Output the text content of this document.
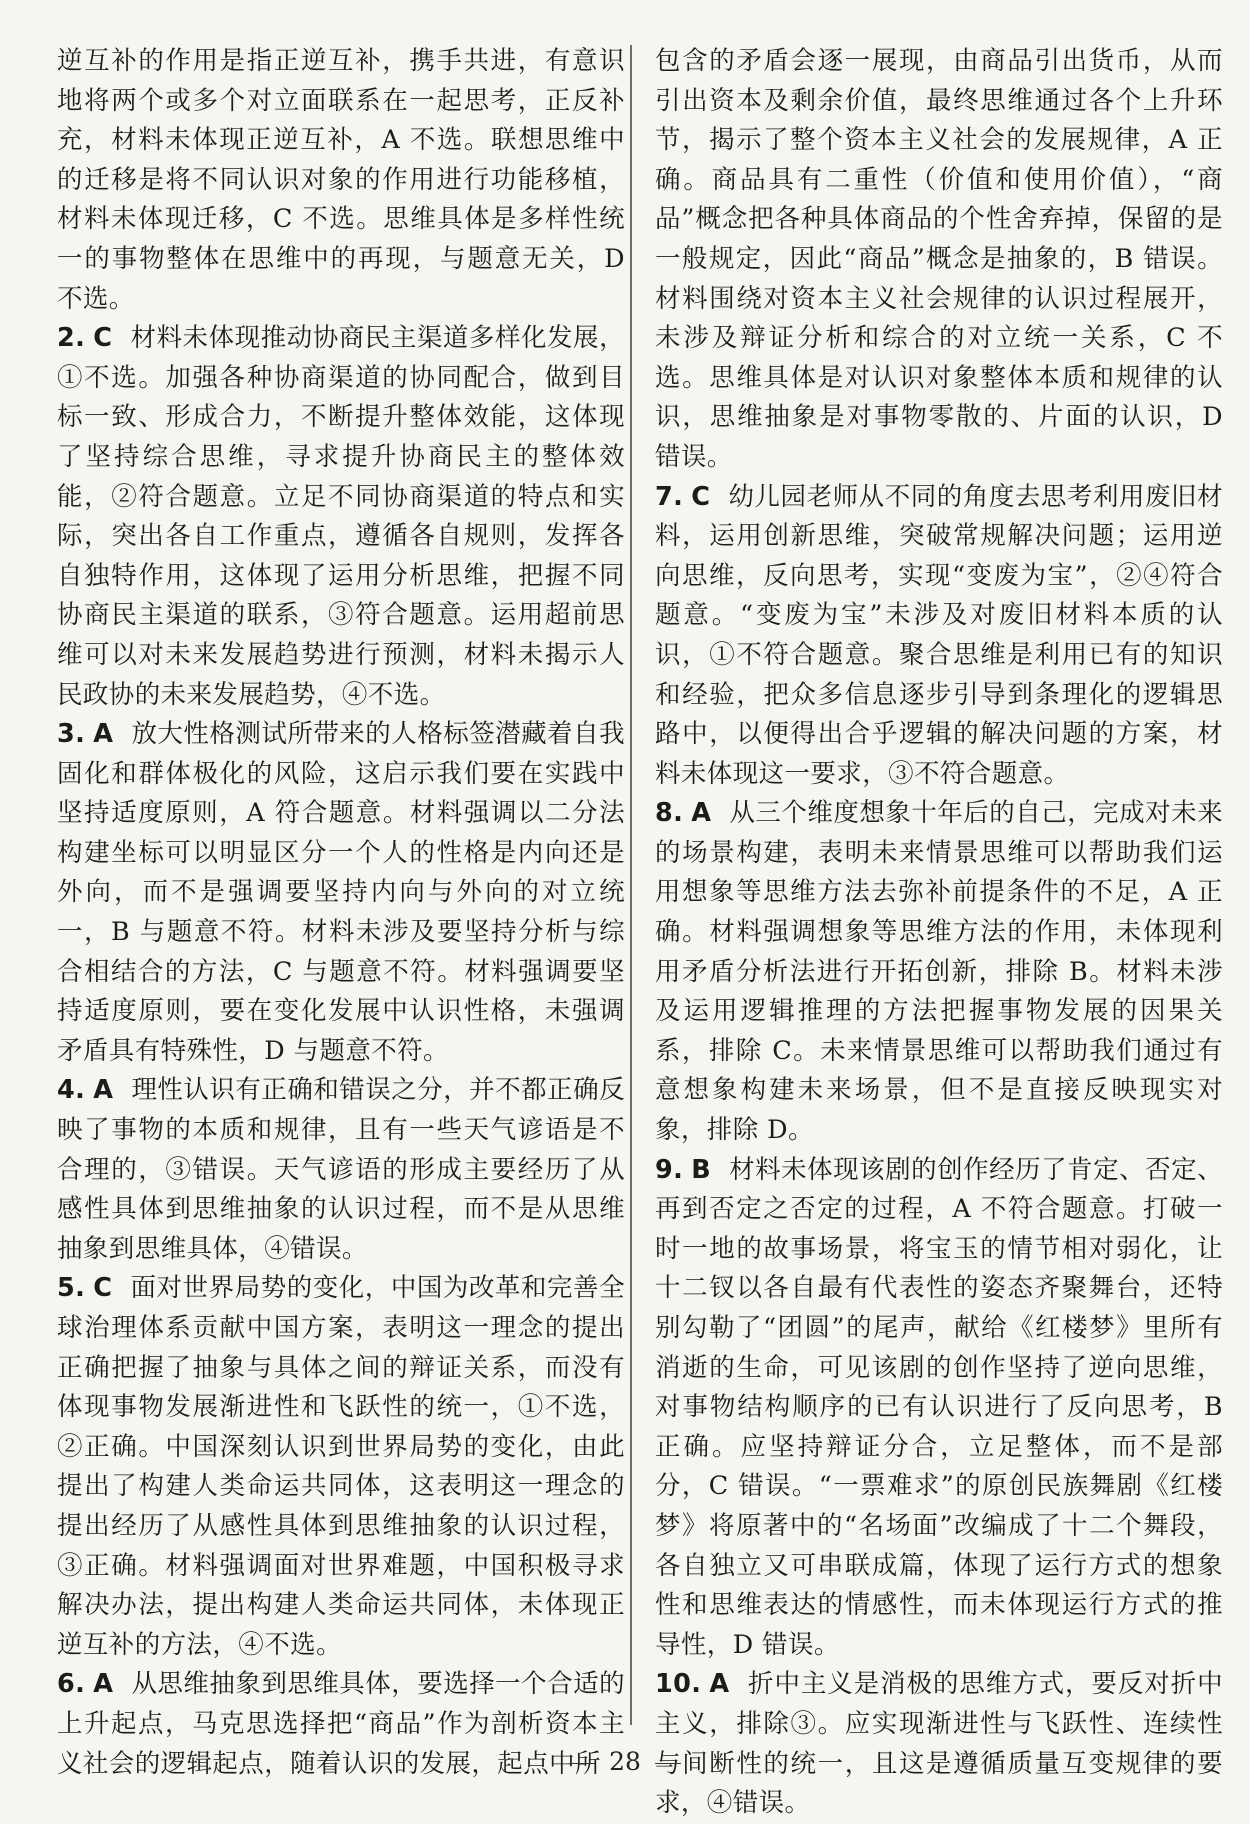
逆互补的作用是指正逆互补，携手共进，有意识地将两个或多个对立面联系在一起思考，正反补充，材料未体现正逆互补，A 不选。联想思维中的迁移是将不同认识对象的作用进行功能移植，材料未体现迁移，C 不选。思维具体是多样性统一的事物整体在思维中的再现，与题意无关，D 不选。

2. C 材料未体现推动协商民主渠道多样化发展，①不选。加强各种协商渠道的协同配合，做到目标一致、形成合力，不断提升整体效能，这体现了坚持综合思维，寻求提升协商民主的整体效能，②符合题意。立足不同协商渠道的特点和实际，突出各自工作重点，遵循各自规则，发挥各自独特作用，这体现了运用分析思维，把握不同协商民主渠道的联系，③符合题意。运用超前思维可以对未来发展趋势进行预测，材料未揭示人民政协的未来发展趋势，④不选。

3. A 放大性格测试所带来的人格标签潜藏着自我固化和群体极化的风险，这启示我们要在实践中坚持适度原则，A 符合题意。材料强调以二分法构建坐标可以明显区分一个人的性格是内向还是外向，而不是强调要坚持内向与外向的对立统一，B 与题意不符。材料未涉及要坚持分析与综合相结合的方法，C 与题意不符。材料强调要坚持适度原则，要在变化发展中认识性格，未强调矛盾具有特殊性，D 与题意不符。

4. A 理性认识有正确和错误之分，并不都正确反映了事物的本质和规律，且有一些天气谚语是不合理的，③错误。天气谚语的形成主要经历了从感性具体到思维抽象的认识过程，而不是从思维抽象到思维具体，④错误。

5. C 面对世界局势的变化，中国为改革和完善全球治理体系贡献中国方案，表明这一理念的提出正确把握了抽象与具体之间的辩证关系，而没有体现事物发展渐进性和飞跃性的统一，①不选，②正确。中国深刻认识到世界局势的变化，由此提出了构建人类命运共同体，这表明这一理念的提出经历了从感性具体到思维抽象的认识过程，③正确。材料强调面对世界难题，中国积极寻求解决办法，提出构建人类命运共同体，未体现正逆互补的方法，④不选。

6. A 从思维抽象到思维具体，要选择一个合适的上升起点，马克思选择把“商品”作为剖析资本主义社会的逻辑起点，随着认识的发展，起点中所

包含的矛盾会逐一展现，由商品引出货币，从而引出资本及剩余价值，最终思维通过各个上升环节，揭示了整个资本主义社会的发展规律，A 正确。商品具有二重性（价值和使用价值），“商品”概念把各种具体商品的个性舍弃掉，保留的是一般规定，因此“商品”概念是抽象的，B 错误。材料围绕对资本主义社会规律的认识过程展开，未涉及辩证分析和综合的对立统一关系，C 不选。思维具体是对认识对象整体本质和规律的认识，思维抽象是对事物零散的、片面的认识，D 错误。

7. C 幼儿园老师从不同的角度去思考利用废旧材料，运用创新思维，突破常规解决问题；运用逆向思维，反向思考，实现“变废为宝”，②④符合题意。“变废为宝”未涉及对废旧材料本质的认识，①不符合题意。聚合思维是利用已有的知识和经验，把众多信息逐步引导到条理化的逻辑思路中，以便得出合乎逻辑的解决问题的方案，材料未体现这一要求，③不符合题意。

8. A 从三个维度想象十年后的自己，完成对未来的场景构建，表明未来情景思维可以帮助我们运用想象等思维方法去弥补前提条件的不足，A 正确。材料强调想象等思维方法的作用，未体现利用矛盾分析法进行开拓创新，排除 B。材料未涉及运用逻辑推理的方法把握事物发展的因果关系，排除 C。未来情景思维可以帮助我们通过有意想象构建未来场景，但不是直接反映现实对象，排除 D。

9. B 材料未体现该剧的创作经历了肯定、否定、再到否定之否定的过程，A 不符合题意。打破一时一地的故事场景，将宝玉的情节相对弱化，让十二钗以各自最有代表性的姿态齐聚舞台，还特别勾勒了“团圆”的尾声，献给《红楼梦》里所有消逝的生命，可见该剧的创作坚持了逆向思维，对事物结构顺序的已有认识进行了反向思考，B 正确。应坚持辩证分合，立足整体，而不是部分，C 错误。“一票难求”的原创民族舞剧《红楼梦》将原著中的“名场面”改编成了十二个舞段，各自独立又可串联成篇，体现了运行方式的想象性和思维表达的情感性，而未体现运行方式的推导性，D 错误。

10. A 折中主义是消极的思维方式，要反对折中主义，排除③。应实现渐进性与飞跃性、连续性与间断性的统一，且这是遵循质量互变规律的要求，④错误。

28
